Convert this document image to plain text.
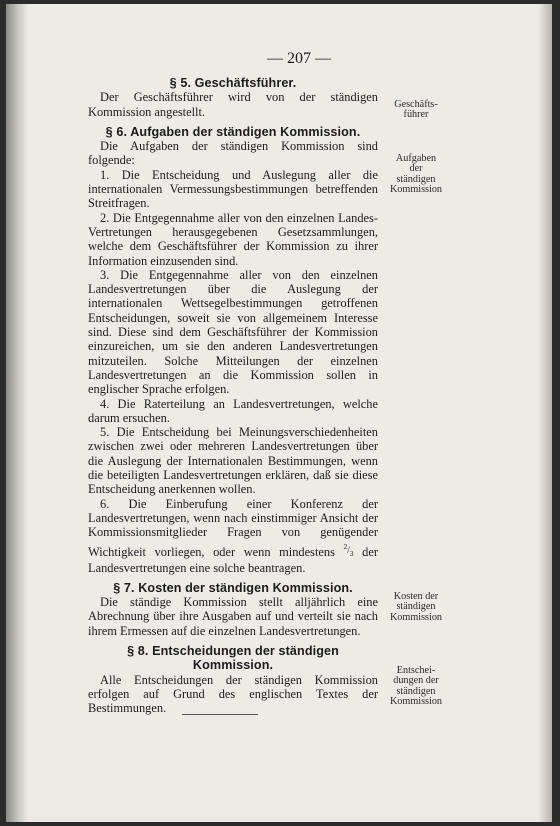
— 207 —
§ 5. Geschäftsführer.

Der Geschäftsführer wird von der ständigen Kommission angestellt.

§ 6. Aufgaben der ständigen Kommission.

Die Aufgaben der ständigen Kommission sind folgende:

1. Die Entscheidung und Auslegung aller die internationalen Vermessungsbestimmungen betreffenden Streitfragen.

2. Die Entgegennahme aller von den einzelnen Landes-Vertretungen herausgegebenen Gesetzsammlungen, welche dem Geschäftsführer der Kommission zu ihrer Information einzusenden sind.

3. Die Entgegennahme aller von den einzelnen Landesvertretungen über die Auslegung der internationalen Wettsegelbestimmungen getroffenen Entscheidungen, soweit sie von allgemeinem Interesse sind. Diese sind dem Geschäftsführer der Kommission einzureichen, um sie den anderen Landesvertretungen mitzuteilen. Solche Mitteilungen der einzelnen Landesvertretungen an die Kommission sollen in englischer Sprache erfolgen.

4. Die Raterteilung an Landesvertretungen, welche darum ersuchen.

5. Die Entscheidung bei Meinungsverschiedenheiten zwischen zwei oder mehreren Landesvertretungen über die Auslegung der Internationalen Bestimmungen, wenn die beteiligten Landesvertretungen erklären, daß sie diese Entscheidung anerkennen wollen.

6. Die Einberufung einer Konferenz der Landesvertretungen, wenn nach einstimmiger Ansicht der Kommissionsmitglieder Fragen von genügender Wichtigkeit vorliegen, oder wenn mindestens $^{^2/_3}$ der Landesvertretungen eine solche beantragen.

§ 7. Kosten der ständigen Kommission.

Die ständige Kommission stellt alljährlich eine Abrechnung über ihre Ausgaben auf und verteilt sie nach ihrem Ermessen auf die einzelnen Landesvertretungen.

§ 8. Entscheidungen der ständigen Kommission.

Alle Entscheidungen der ständigen Kommission erfolgen auf Grund des englischen Textes der Bestimmungen.

Geschäfts-
führer
Aufgaben
der
ständigen
Kommission
Kosten der
ständigen
Kommission
Entschei-
dungen der
ständigen
Kommission
